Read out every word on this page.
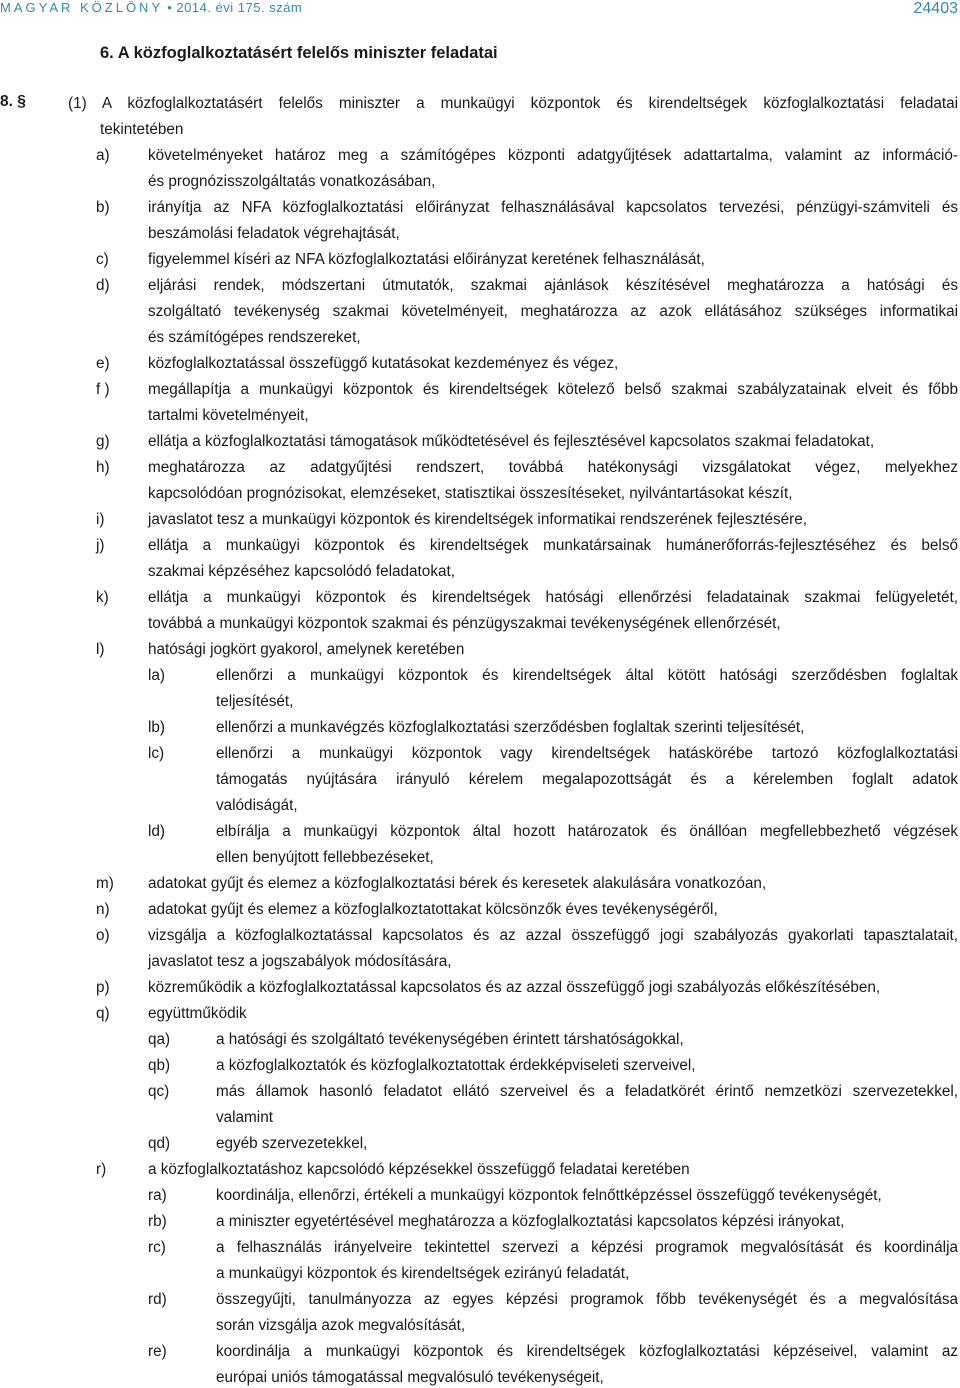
MAGYAR KÖZLÖNY • 2014. évi 175. szám	24403
6. A közfoglalkoztatásért felelős miniszter feladatai
8. §	(1) A közfoglalkoztatásért felelős miniszter a munkaügyi központok és kirendeltségek közfoglalkoztatási feladatai
tekintetében
a)	követelményeket határoz meg a számítógépes központi adatgyűjtések adattartalma, valamint az információ-
és prognózisszolgáltatás vonatkozásában,
b)	irányítja az NFA közfoglalkoztatási előirányzat felhasználásával kapcsolatos tervezési, pénzügyi-számviteli és
beszámolási feladatok végrehajtását,
c)	figyelemmel kíséri az NFA közfoglalkoztatási előirányzat keretének felhasználását,
d)	eljárási rendek, módszertani útmutatók, szakmai ajánlások készítésével meghatározza a hatósági és
szolgáltató tevékenység szakmai követelményeit, meghatározza az azok ellátásához szükséges informatikai
és számítógépes rendszereket,
e)	közfoglalkoztatással összefüggő kutatásokat kezdeményez és végez,
f )	megállapítja a munkaügyi központok és kirendeltségek kötelező belső szakmai szabályzatainak elveit és főbb
tartalmi követelményeit,
g)	ellátja a közfoglalkoztatási támogatások működtetésével és fejlesztésével kapcsolatos szakmai feladatokat,
h)	meghatározza az adatgyűjtési rendszert, továbbá hatékonysági vizsgálatokat végez, melyekhez
kapcsolódóan prognózisokat, elemzéseket, statisztikai összesítéseket, nyilvántartásokat készít,
i)	javaslatot tesz a munkaügyi központok és kirendeltségek informatikai rendszerének fejlesztésére,
j)	ellátja a munkaügyi központok és kirendeltségek munkatársainak humánerőforrás-fejlesztéséhez és belső
szakmai képzéséhez kapcsolódó feladatokat,
k)	ellátja a munkaügyi központok és kirendeltségek hatósági ellenőrzési feladatainak szakmai felügyeletét,
továbbá a munkaügyi központok szakmai és pénzügyszakmai tevékenységének ellenőrzését,
l)	hatósági jogkört gyakorol, amelynek keretében
la)	ellenőrzi a munkaügyi központok és kirendeltségek által kötött hatósági szerződésben foglaltak
teljesítését,
lb)	ellenőrzi a munkavégzés közfoglalkoztatási szerződésben foglaltak szerinti teljesítését,
lc)	ellenőrzi a munkaügyi központok vagy kirendeltségek hatáskörébe tartozó közfoglalkoztatási
támogatás nyújtására irányuló kérelem megalapozottságát és a kérelemben foglalt adatok
valódiságát,
ld)	elbírálja a munkaügyi központok által hozott határozatok és önállóan megfellebbezhető végzések
ellen benyújtott fellebbezéseket,
m) adatokat gyűjt és elemez a közfoglalkoztatási bérek és keresetek alakulására vonatkozóan,
n)	adatokat gyűjt és elemez a közfoglalkoztatottakat kölcsönzők éves tevékenységéről,
o)	vizsgálja a közfoglalkoztatással kapcsolatos és az azzal összefüggő jogi szabályozás gyakorlati tapasztalatait,
javaslatot tesz a jogszabályok módosítására,
p)	közreműködik a közfoglalkoztatással kapcsolatos és az azzal összefüggő jogi szabályozás előkészítésében,
q)	együttműködik
qa)	a hatósági és szolgáltató tevékenységében érintett társhatóságokkal,
qb)	a közfoglalkoztatók és közfoglalkoztatottak érdekképviseleti szerveivel,
qc)	más államok hasonló feladatot ellátó szerveivel és a feladatkörét érintő nemzetközi szervezetekkel,
valamint
qd)	egyéb szervezetekkel,
r)	a közfoglalkoztatáshoz kapcsolódó képzésekkel összefüggő feladatai keretében
ra)	koordinálja, ellenőrzi, értékeli a munkaügyi központok felnőttképzéssel összefüggő tevékenységét,
rb)	a miniszter egyetértésével meghatározza a közfoglalkoztatási kapcsolatos képzési irányokat,
rc)	a felhasználás irányelveire tekintettel szervezi a képzési programok megvalósítását és koordinálja
a munkaügyi központok és kirendeltségek ezirányú feladatát,
rd)	összegyűjti, tanulmányozza az egyes képzési programok főbb tevékenységét és a megvalósítása
során vizsgálja azok megvalósítását,
re)	koordinálja a munkaügyi központok és kirendeltségek közfoglalkoztatási képzéseivel, valamint az
európai uniós támogatással megvalósuló tevékenységeit,
